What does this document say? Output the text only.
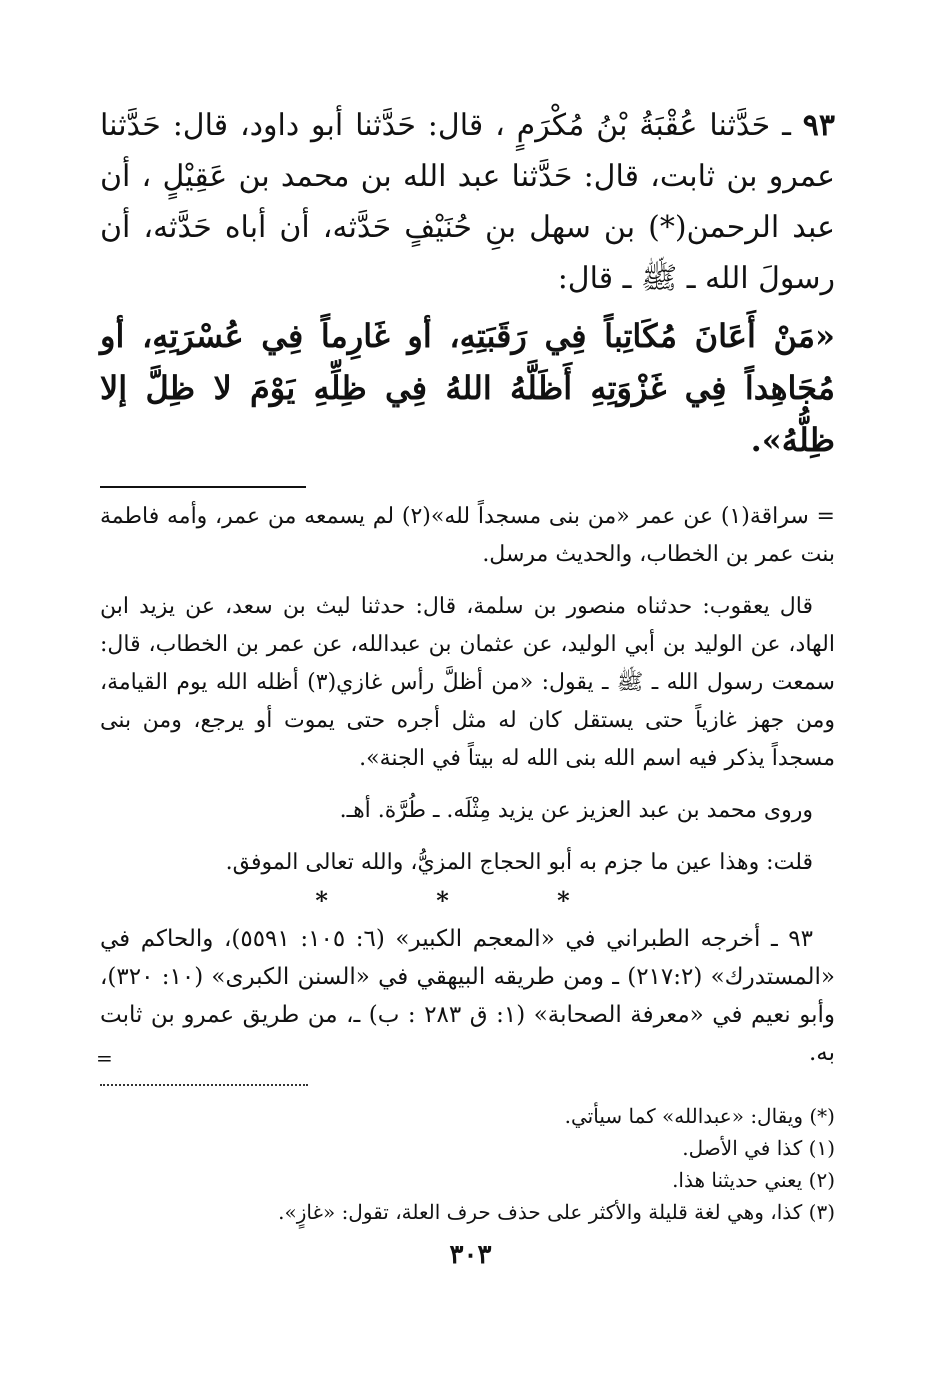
٩٣ ـ حَدَّثنا عُقْبَةُ بْنُ مُكْرَمٍ ، قال: حَدَّثنا أبو داود، قال: حَدَّثنا عمرو بن ثابت، قال: حَدَّثنا عبد الله بن محمد بن عَقِيْلٍ ، أن عبد الرحمن(*) بن سهل بنِ حُنَيْفٍ حَدَّثه، أن أباه حَدَّثه، أن رسولَ الله ـ ﷺ ـ قال:

«مَنْ أَعَانَ مُكَاتِباً فِي رَقَبَتِهِ، أو غَارِماً فِي عُسْرَتِهِ، أو مُجَاهِداً فِي غَزْوَتِهِ أَظَلَّهُ اللهُ فِي ظِلِّهِ يَوْمَ لا ظِلَّ إلا ظِلُّهُ».

= سراقة(١) عن عمر «من بنى مسجداً لله»(٢) لم يسمعه من عمر، وأمه فاطمة بنت عمر بن الخطاب، والحديث مرسل.

قال يعقوب: حدثناه منصور بن سلمة، قال: حدثنا ليث بن سعد، عن يزيد ابن الهاد، عن الوليد بن أبي الوليد، عن عثمان بن عبدالله، عن عمر بن الخطاب، قال: سمعت رسول الله ـ ﷺ ـ يقول: «من أظلَّ رأس غازي(٣) أظله الله يوم القيامة، ومن جهز غازياً حتى يستقل كان له مثل أجره حتى يموت أو يرجع، ومن بنى مسجداً يذكر فيه اسم الله بنى الله له بيتاً في الجنة».

وروى محمد بن عبد العزيز عن يزيد مِثْلَه. ـ طُرَّة. أهـ.

قلت: وهذا عين ما جزم به أبو الحجاج المزيُّ، والله تعالى الموفق.

* * *

٩٣ ـ أخرجه الطبراني في «المعجم الكبير» (٦: ١٠٥: ٥٥٩١)، والحاكم في «المستدرك» (٢١٧:٢) ـ ومن طريقه البيهقي في «السنن الكبرى» (١٠: ٣٢٠)، وأبو نعيم في «معرفة الصحابة» (١: ق ٢٨٣ : ب) ـ، من طريق عمرو بن ثابت به.

=

(*) ويقال: «عبدالله» كما سيأتي.

(١) كذا في الأصل.

(٢) يعني حديثنا هذا.

(٣) كذا، وهي لغة قليلة والأكثر على حذف حرف العلة، تقول: «غازٍ».

٣٠٣
